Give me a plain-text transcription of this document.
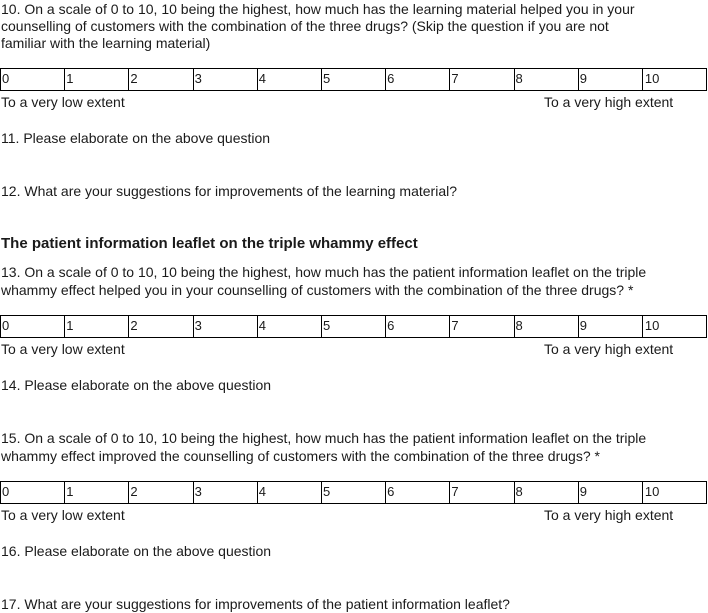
10. On a scale of 0 to 10, 10 being the highest, how much has the learning material helped you in your
counselling of customers with the combination of the three drugs? (Skip the question if you are not
familiar with the learning material)
0	1	2	3	4	5	6	7	8	9	10
To a very low extent	To a very high extent
11. Please elaborate on the above question
12. What are your suggestions for improvements of the learning material?
The patient information leaflet on the triple whammy effect
13. On a scale of 0 to 10, 10 being the highest, how much has the patient information leaflet on the triple
whammy effect helped you in your counselling of customers with the combination of the three drugs? *
0	1	2	3	4	5	6	7	8	9	10
To a very low extent	To a very high extent
14. Please elaborate on the above question
15. On a scale of 0 to 10, 10 being the highest, how much has the patient information leaflet on the triple
whammy effect improved the counselling of customers with the combination of the three drugs? *
0	1	2	3	4	5	6	7	8	9	10
To a very low extent	To a very high extent
16. Please elaborate on the above question
17. What are your suggestions for improvements of the patient information leaflet?
